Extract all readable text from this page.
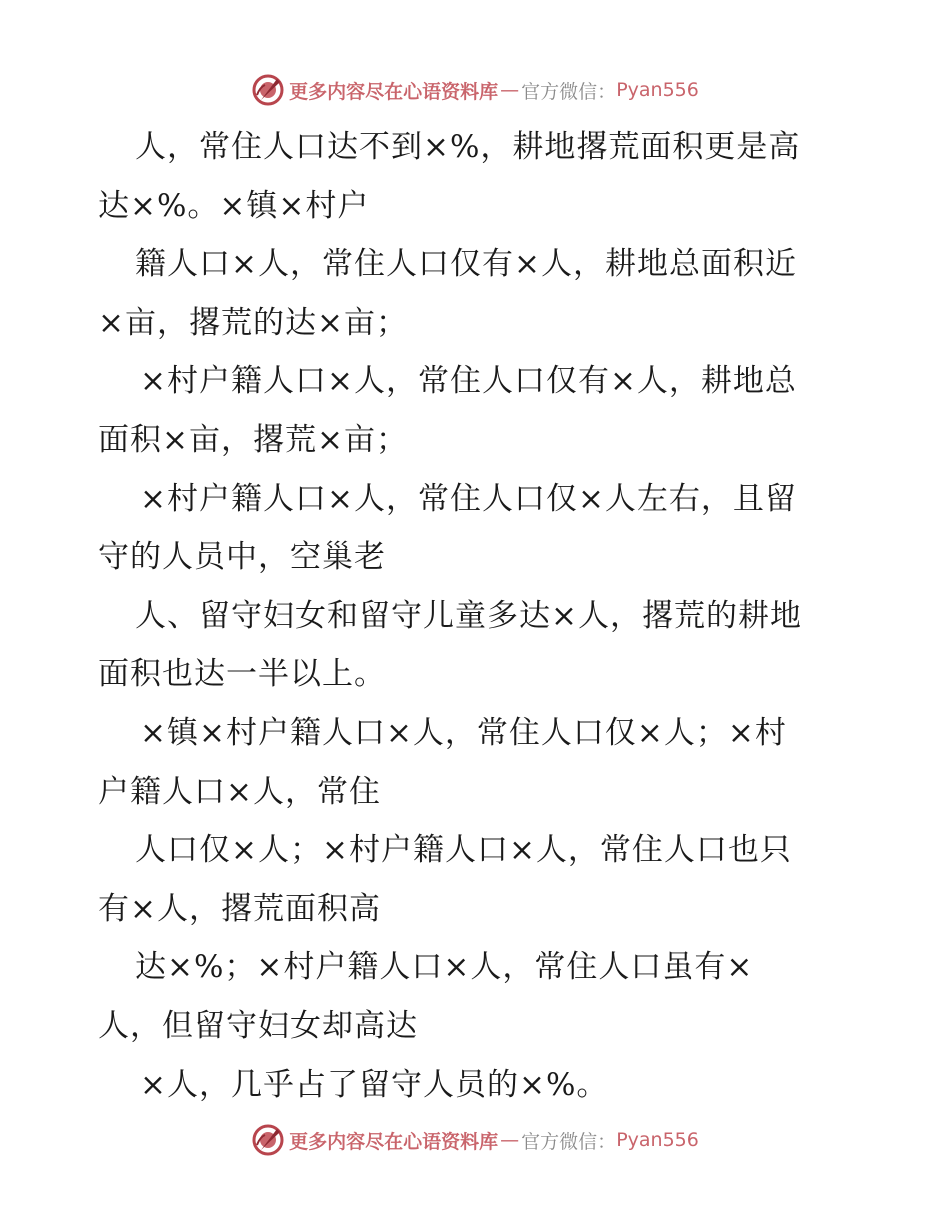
更多内容尽在心语资料库 — 官方微信： Pyan556
人，常住人口达不到×%，耕地撂荒面积更是高
达×%。×镇×村户
籍人口×人，常住人口仅有×人，耕地总面积近
×亩，撂荒的达×亩；
×村户籍人口×人，常住人口仅有×人，耕地总
面积×亩，撂荒×亩；
×村户籍人口×人，常住人口仅×人左右，且留
守的人员中，空巢老
人、留守妇女和留守儿童多达×人，撂荒的耕地
面积也达一半以上。
×镇×村户籍人口×人，常住人口仅×人；×村
户籍人口×人，常住
人口仅×人；×村户籍人口×人，常住人口也只
有×人，撂荒面积高
达×%；×村户籍人口×人，常住人口虽有×
人，但留守妇女却高达
×人，几乎占了留守人员的×%。
更多内容尽在心语资料库 — 官方微信： Pyan556
